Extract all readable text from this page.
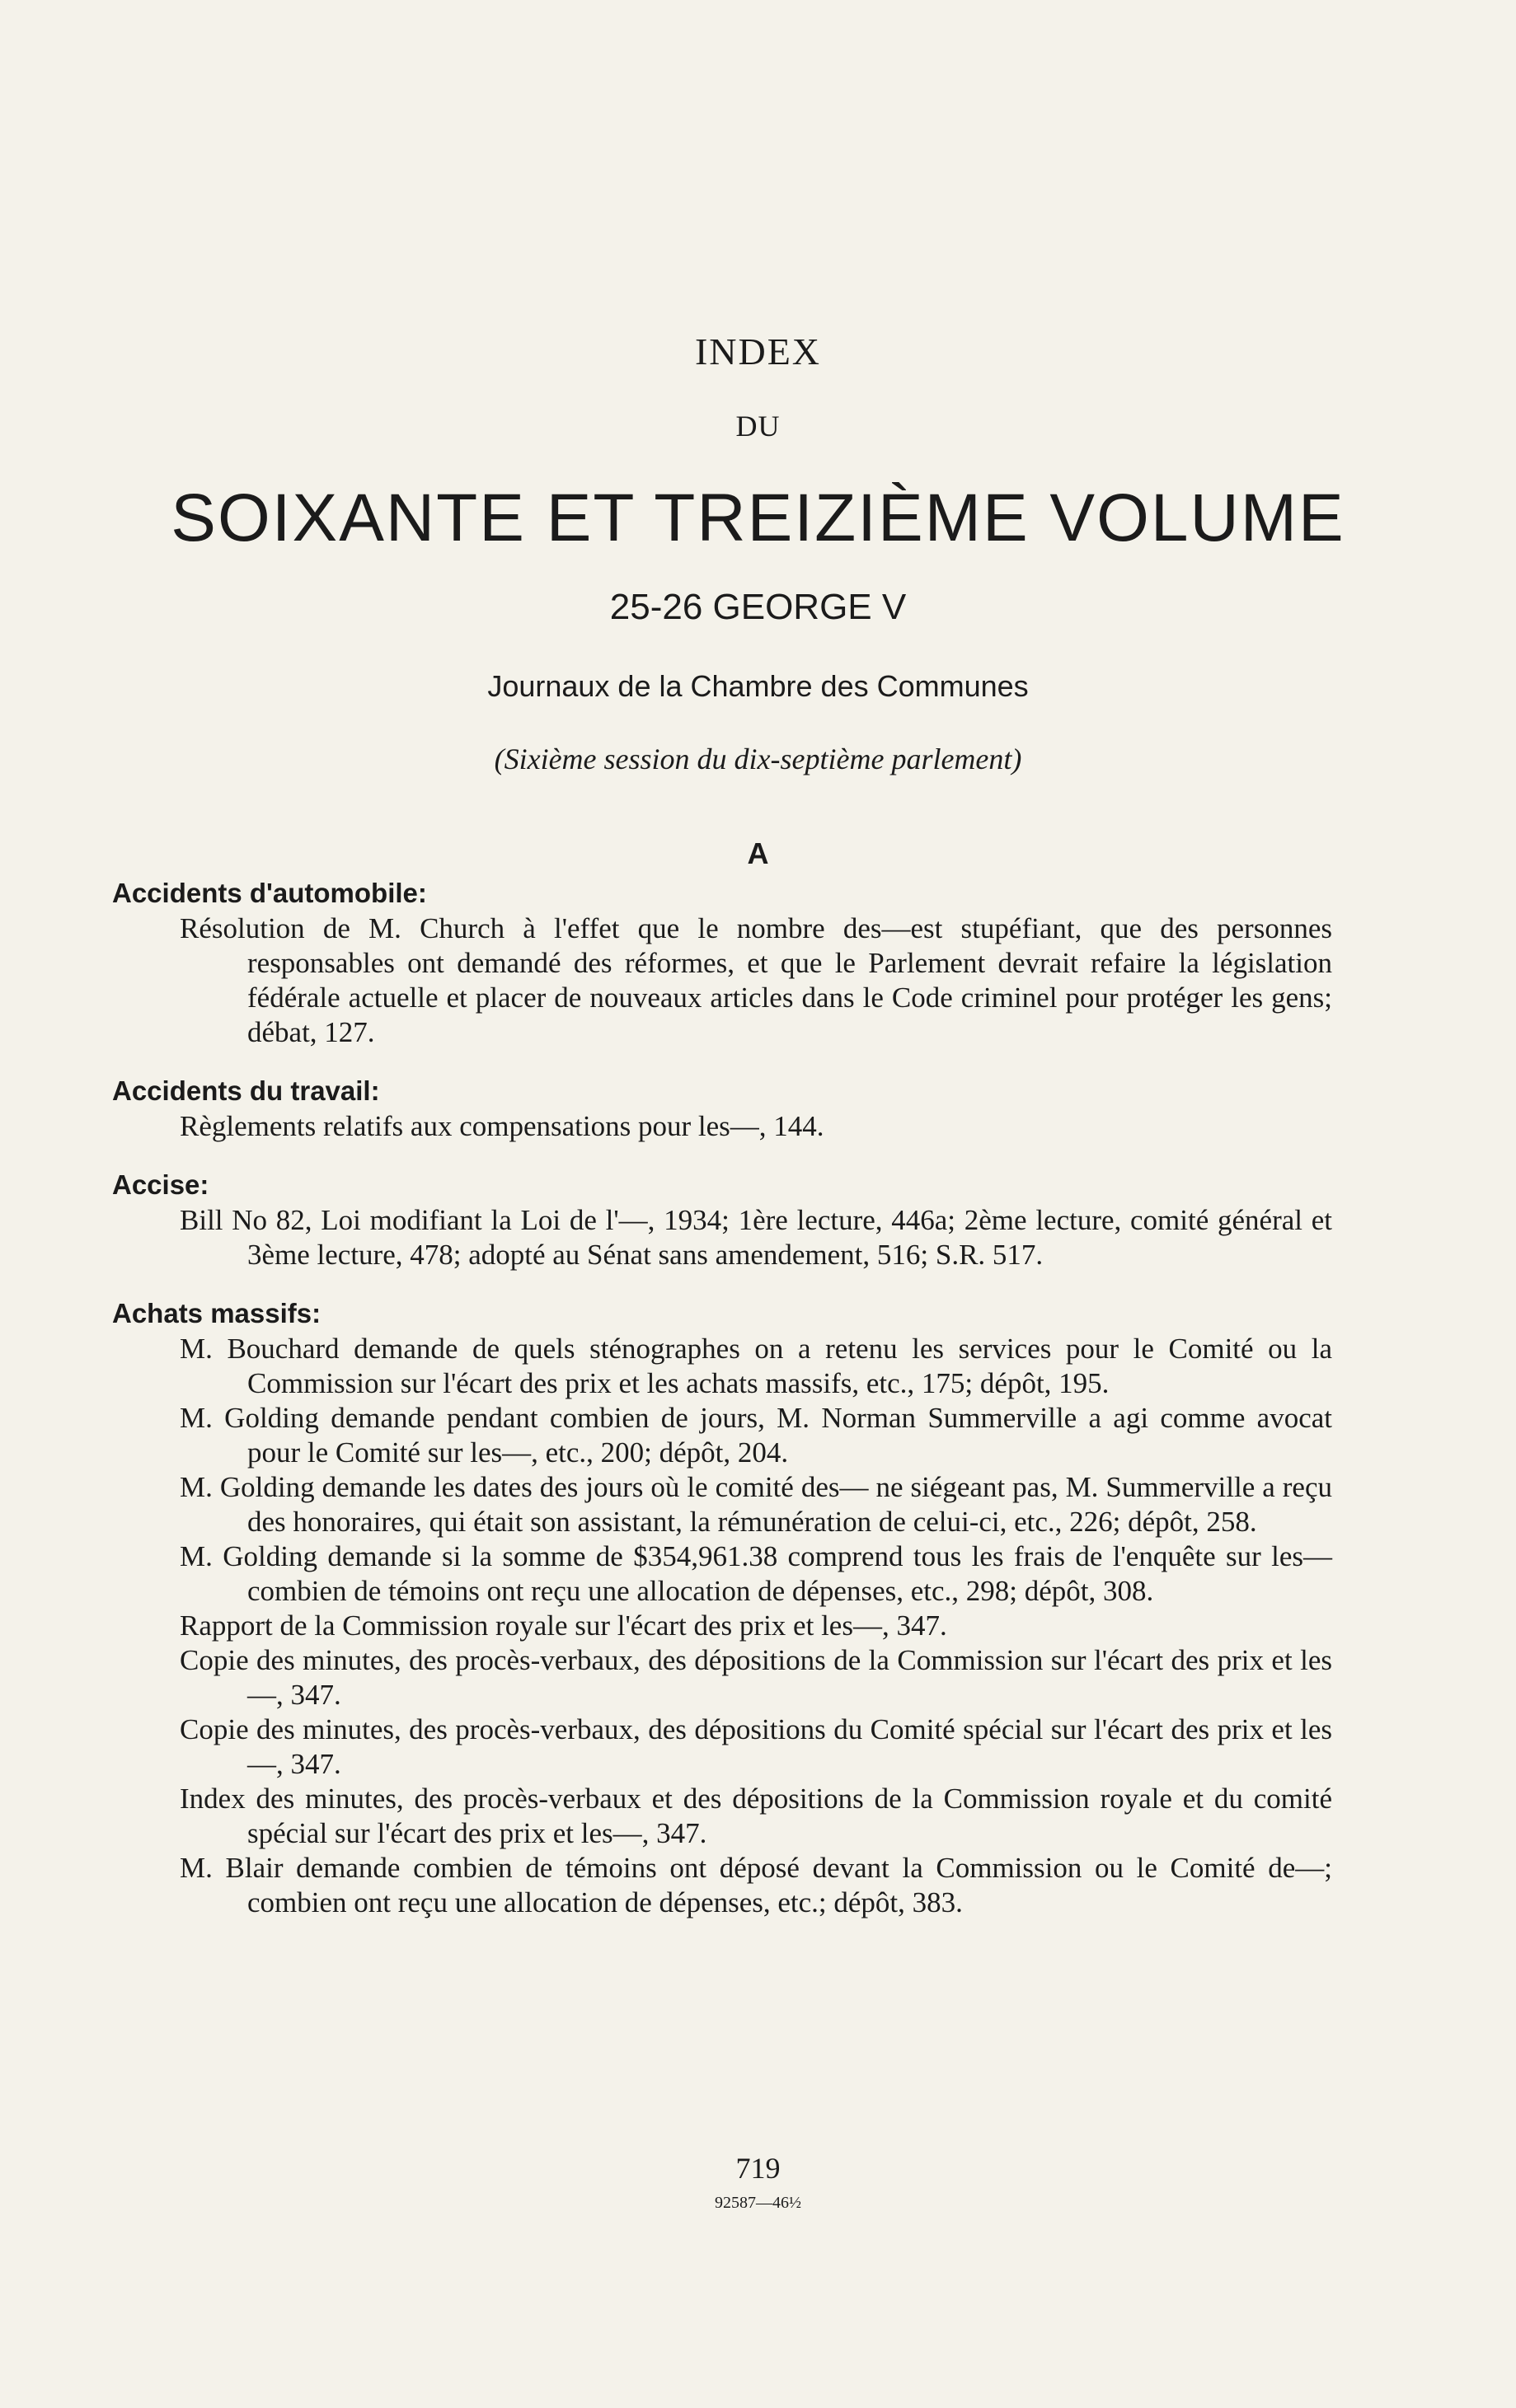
INDEX
DU
SOIXANTE ET TREIZIÈME VOLUME
25-26 GEORGE V
Journaux de la Chambre des Communes
(Sixième session du dix-septième parlement)
A
Accidents d'automobile:
Résolution de M. Church à l'effet que le nombre des—est stupéfiant, que des personnes responsables ont demandé des réformes, et que le Parlement devrait refaire la législation fédérale actuelle et placer de nouveaux articles dans le Code criminel pour protéger les gens; débat, 127.
Accidents du travail:
Règlements relatifs aux compensations pour les—, 144.
Accise:
Bill No 82, Loi modifiant la Loi de l'—, 1934; 1ère lecture, 446a; 2ème lecture, comité général et 3ème lecture, 478; adopté au Sénat sans amendement, 516; S.R. 517.
Achats massifs:
M. Bouchard demande de quels sténographes on a retenu les services pour le Comité ou la Commission sur l'écart des prix et les achats massifs, etc., 175; dépôt, 195.
M. Golding demande pendant combien de jours, M. Norman Summerville a agi comme avocat pour le Comité sur les—, etc., 200; dépôt, 204.
M. Golding demande les dates des jours où le comité des— ne siégeant pas, M. Summerville a reçu des honoraires, qui était son assistant, la rémunération de celui-ci, etc., 226; dépôt, 258.
M. Golding demande si la somme de $354,961.38 comprend tous les frais de l'enquête sur les— combien de témoins ont reçu une allocation de dépenses, etc., 298; dépôt, 308.
Rapport de la Commission royale sur l'écart des prix et les—, 347.
Copie des minutes, des procès-verbaux, des dépositions de la Commission sur l'écart des prix et les—, 347.
Copie des minutes, des procès-verbaux, des dépositions du Comité spécial sur l'écart des prix et les—, 347.
Index des minutes, des procès-verbaux et des dépositions de la Commission royale et du comité spécial sur l'écart des prix et les—, 347.
M. Blair demande combien de témoins ont déposé devant la Commission ou le Comité de—; combien ont reçu une allocation de dépenses, etc.; dépôt, 383.
719
92587—46½
